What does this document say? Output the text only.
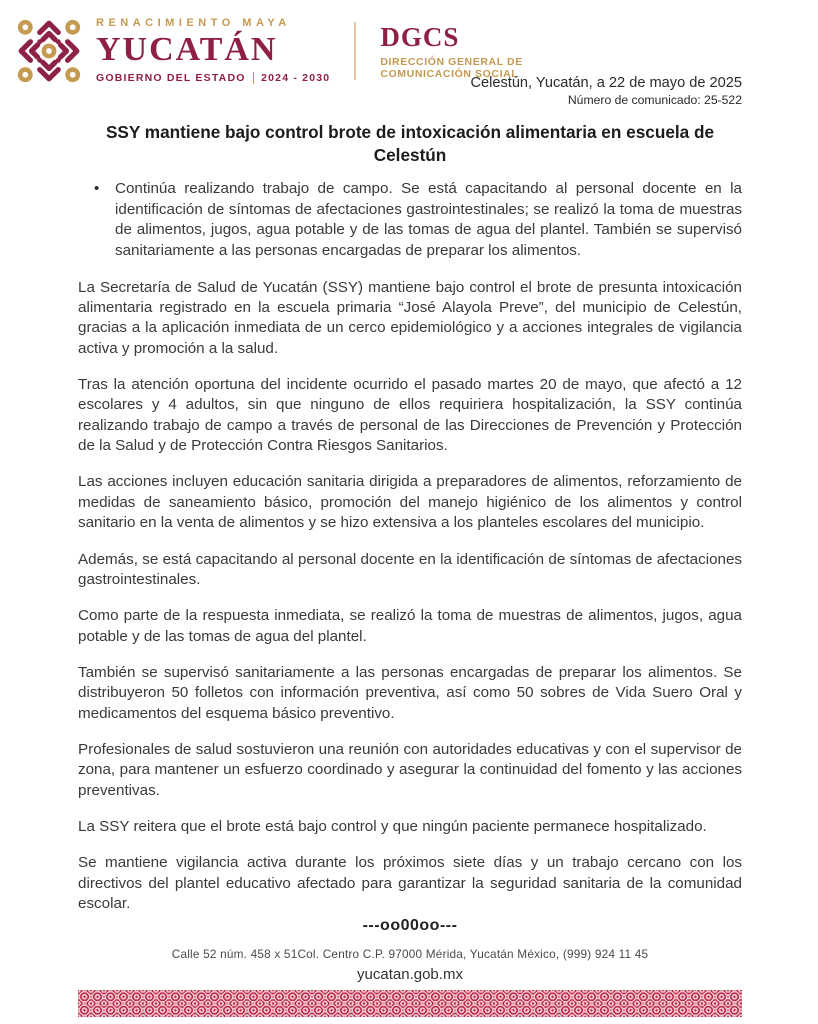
RENACIMIENTO MAYA
YUCATÁN
GOBIERNO DEL ESTADO 2024 - 2030
DGCS
DIRECCIÓN GENERAL DE
COMUNICACIÓN SOCIAL
Celestún, Yucatán, a 22 de mayo de 2025
Número de comunicado: 25-522
SSY mantiene bajo control brote de intoxicación alimentaria en escuela de Celestún
• Continúa realizando trabajo de campo. Se está capacitando al personal docente en la identificación de síntomas de afectaciones gastrointestinales; se realizó la toma de muestras de alimentos, jugos, agua potable y de las tomas de agua del plantel. También se supervisó sanitariamente a las personas encargadas de preparar los alimentos.

La Secretaría de Salud de Yucatán (SSY) mantiene bajo control el brote de presunta intoxicación alimentaria registrado en la escuela primaria “José Alayola Preve”, del municipio de Celestún, gracias a la aplicación inmediata de un cerco epidemiológico y a acciones integrales de vigilancia activa y promoción a la salud.

Tras la atención oportuna del incidente ocurrido el pasado martes 20 de mayo, que afectó a 12 escolares y 4 adultos, sin que ninguno de ellos requiriera hospitalización, la SSY continúa realizando trabajo de campo a través de personal de las Direcciones de Prevención y Protección de la Salud y de Protección Contra Riesgos Sanitarios.

Las acciones incluyen educación sanitaria dirigida a preparadores de alimentos, reforzamiento de medidas de saneamiento básico, promoción del manejo higiénico de los alimentos y control sanitario en la venta de alimentos y se hizo extensiva a los planteles escolares del municipio.

Además, se está capacitando al personal docente en la identificación de síntomas de afectaciones gastrointestinales.

Como parte de la respuesta inmediata, se realizó la toma de muestras de alimentos, jugos, agua potable y de las tomas de agua del plantel.

También se supervisó sanitariamente a las personas encargadas de preparar los alimentos. Se distribuyeron 50 folletos con información preventiva, así como 50 sobres de Vida Suero Oral y medicamentos del esquema básico preventivo.

Profesionales de salud sostuvieron una reunión con autoridades educativas y con el supervisor de zona, para mantener un esfuerzo coordinado y asegurar la continuidad del fomento y las acciones preventivas.

La SSY reitera que el brote está bajo control y que ningún paciente permanece hospitalizado.

Se mantiene vigilancia activa durante los próximos siete días y un trabajo cercano con los directivos del plantel educativo afectado para garantizar la seguridad sanitaria de la comunidad escolar.

---oo00oo---
Calle 52 núm. 458 x 51Col. Centro C.P. 97000 Mérida, Yucatán México, (999) 924 11 45
yucatan.gob.mx
